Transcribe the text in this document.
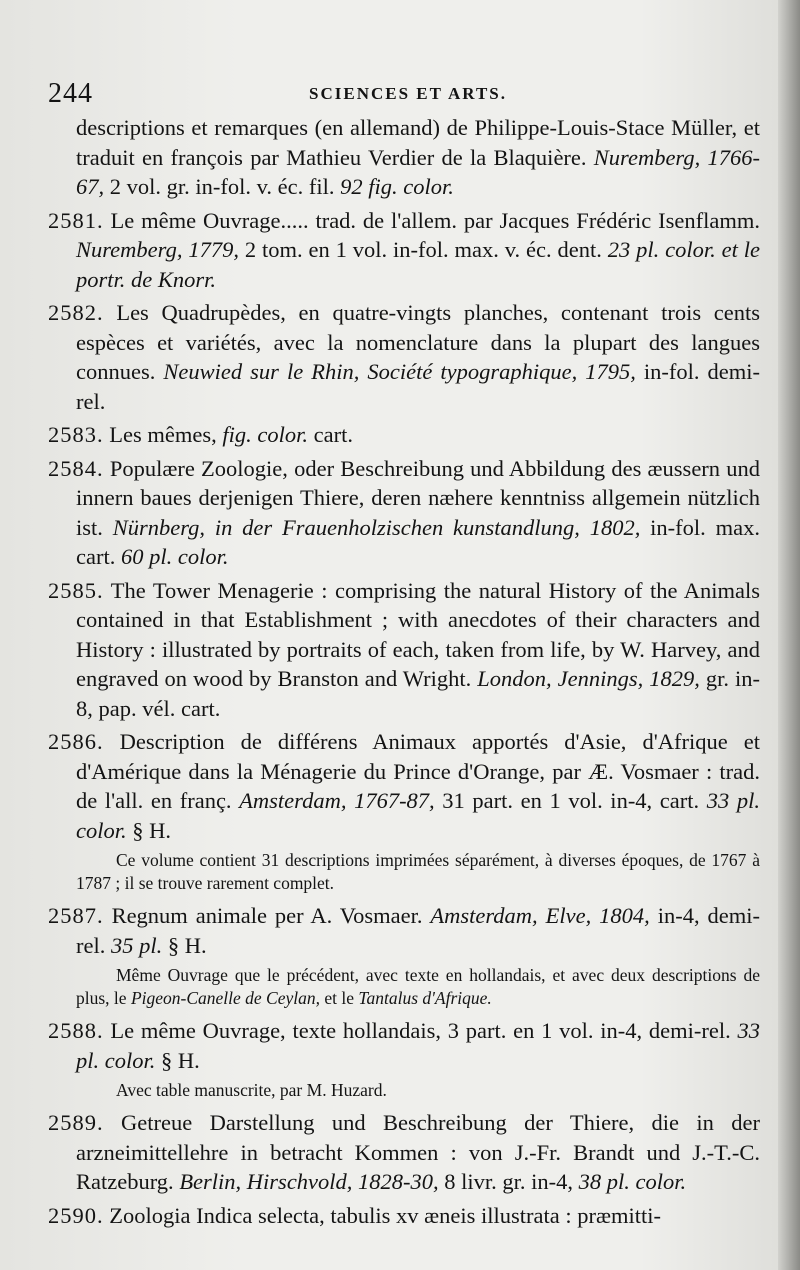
244	SCIENCES ET ARTS.
descriptions et remarques (en allemand) de Philippe-Louis-Stace Müller, et traduit en françois par Mathieu Verdier de la Blaquière. Nuremberg, 1766-67, 2 vol. gr. in-fol. v. éc. fil. 92 fig. color.
2581. Le même Ouvrage..... trad. de l'allem. par Jacques Frédéric Isenflamm. Nuremberg, 1779, 2 tom. en 1 vol. in-fol. max. v. éc. dent. 23 pl. color. et le portr. de Knorr.
2582. Les Quadrupèdes, en quatre-vingts planches, contenant trois cents espèces et variétés, avec la nomenclature dans la plupart des langues connues. Neuwied sur le Rhin, Société typographique, 1795, in-fol. demi-rel.
2583. Les mêmes, fig. color. cart.
2584. Populære Zoologie, oder Beschreibung und Abbildung des æussern und innern baues derjenigen Thiere, deren næhere kenntniss allgemein nützlich ist. Nürnberg, in der Frauenholzischen kunstandlung, 1802, in-fol. max. cart. 60 pl. color.
2585. The Tower Menagerie : comprising the natural History of the Animals contained in that Establishment ; with anecdotes of their characters and History : illustrated by portraits of each, taken from life, by W. Harvey, and engraved on wood by Branston and Wright. London, Jennings, 1829, gr. in-8, pap. vél. cart.
2586. Description de différens Animaux apportés d'Asie, d'Afrique et d'Amérique dans la Ménagerie du Prince d'Orange, par Æ. Vosmaer : trad. de l'all. en franç. Amsterdam, 1767-87, 31 part. en 1 vol. in-4, cart. 33 pl. color. § H.
Ce volume contient 31 descriptions imprimées séparément, à diverses époques, de 1767 à 1787 ; il se trouve rarement complet.
2587. Regnum animale per A. Vosmaer. Amsterdam, Elve, 1804, in-4, demi-rel. 35 pl. § H.
Même Ouvrage que le précédent, avec texte en hollandais, et avec deux descriptions de plus, le Pigeon-Canelle de Ceylan, et le Tantalus d'Afrique.
2588. Le même Ouvrage, texte hollandais, 3 part. en 1 vol. in-4, demi-rel. 33 pl. color. § H.
Avec table manuscrite, par M. Huzard.
2589. Getreue Darstellung und Beschreibung der Thiere, die in der arzneimittellehre in betracht Kommen : von J.-Fr. Brandt und J.-T.-C. Ratzeburg. Berlin, Hirschvold, 1828-30, 8 livr. gr. in-4, 38 pl. color.
2590. Zoologia Indica selecta, tabulis xv æneis illustrata : præmitti-
